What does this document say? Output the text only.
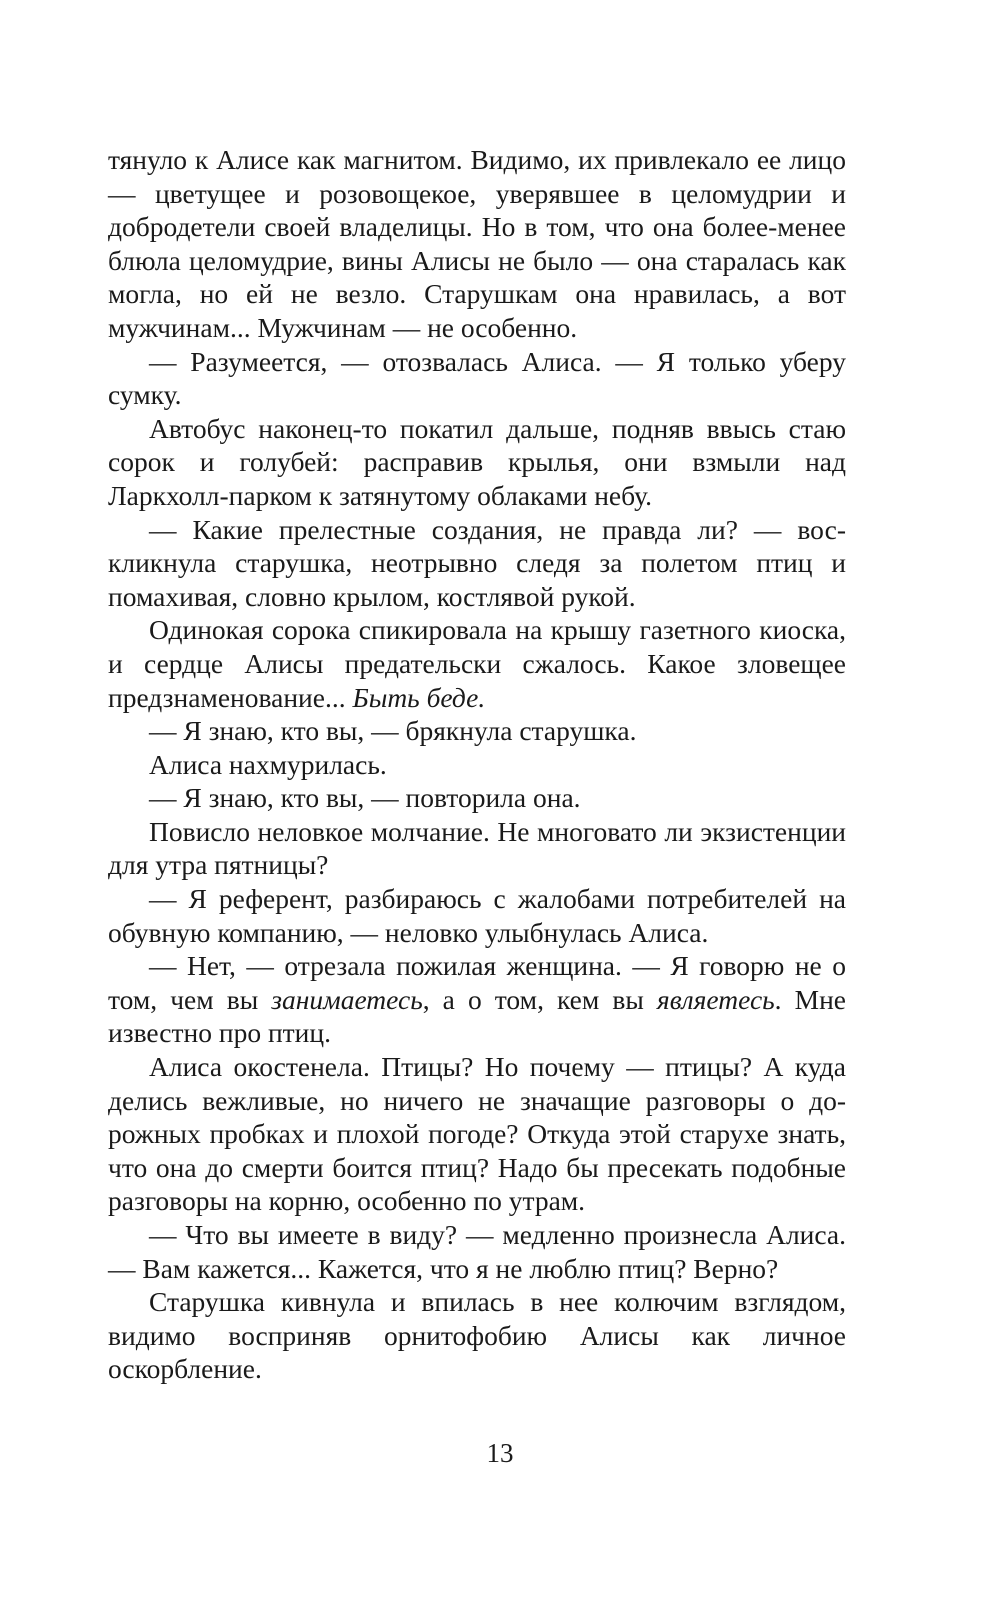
тянуло к Алисе как магнитом. Видимо, их привлекало ее лицо — цветущее и розовощекое, уверявшее в целомудрии и добродетели своей владелицы. Но в том, что она более-менее блюла целомудрие, вины Алисы не было — она старалась как могла, но ей не везло. Старушкам она нравилась, а вот мужчинам... Мужчинам — не особенно.

— Разумеется, — отозвалась Алиса. — Я только уберу сумку.

Автобус наконец-то покатил дальше, подняв ввысь стаю сорок и голубей: расправив крылья, они взмыли над Ларкхолл-парком к затянутому облаками небу.

— Какие прелестные создания, не правда ли? — воскликнула старушка, неотрывно следя за полетом птиц и помахивая, словно крылом, костлявой рукой.

Одинокая сорока спикировала на крышу газетного киоска, и сердце Алисы предательски сжалось. Какое зловещее предзнаменование... Быть беде.

— Я знаю, кто вы, — брякнула старушка.

Алиса нахмурилась.

— Я знаю, кто вы, — повторила она.

Повисло неловкое молчание. Не многовато ли экзистенции для утра пятницы?

— Я референт, разбираюсь с жалобами потребителей на обувную компанию, — неловко улыбнулась Алиса.

— Нет, — отрезала пожилая женщина. — Я говорю не о том, чем вы занимаетесь, а о том, кем вы являетесь. Мне известно про птиц.

Алиса окостенела. Птицы? Но почему — птицы? А куда делись вежливые, но ничего не значащие разговоры о дорожных пробках и плохой погоде? Откуда этой старухе знать, что она до смерти боится птиц? Надо бы пресекать подобные разговоры на корню, особенно по утрам.

— Что вы имеете в виду? — медленно произнесла Алиса. — Вам кажется... Кажется, что я не люблю птиц? Верно?

Старушка кивнула и впилась в нее колючим взглядом, видимо восприняв орнитофобию Алисы как личное оскорбление.

13
